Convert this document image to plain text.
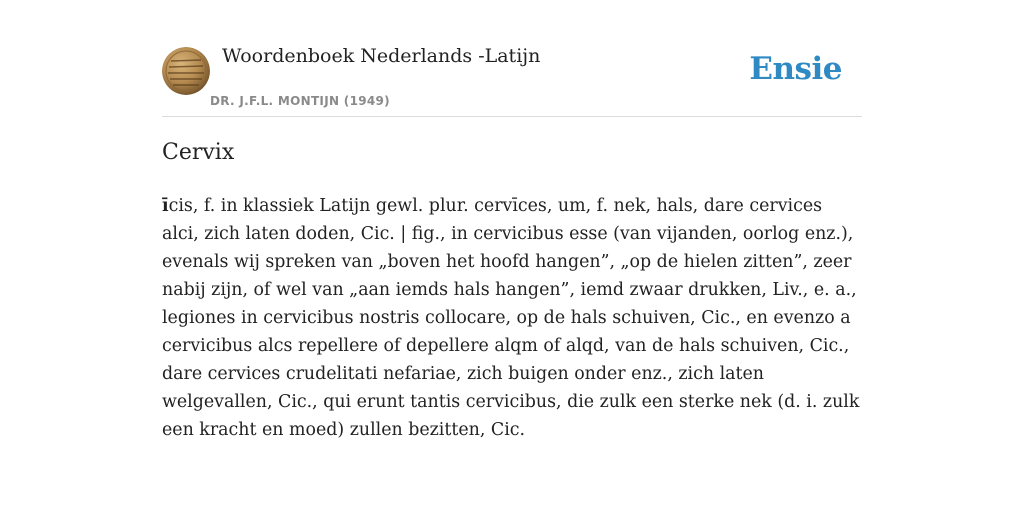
Woordenboek Nederlands -Latijn
DR. J.F.L. MONTIJN (1949)
Ensie
Cervix

īcis, f. in klassiek Latijn gewl. plur. cervīces, um, f. nek, hals, dare cervices alci, zich laten doden, Cic. | fig., in cervicibus esse (van vijanden, oorlog enz.), evenals wij spreken van „boven het hoofd hangen”, „op de hielen zitten”, zeer nabij zijn, of wel van „aan iemds hals hangen”, iemd zwaar drukken, Liv., e. a., legiones in cervicibus nostris collocare, op de hals schuiven, Cic., en evenzo a cervicibus alcs repellere of depellere alqm of alqd, van de hals schuiven, Cic., dare cervices crudelitati nefariae, zich buigen onder enz., zich laten welgevallen, Cic., qui erunt tantis cervicibus, die zulk een sterke nek (d. i. zulk een kracht en moed) zullen bezitten, Cic.
